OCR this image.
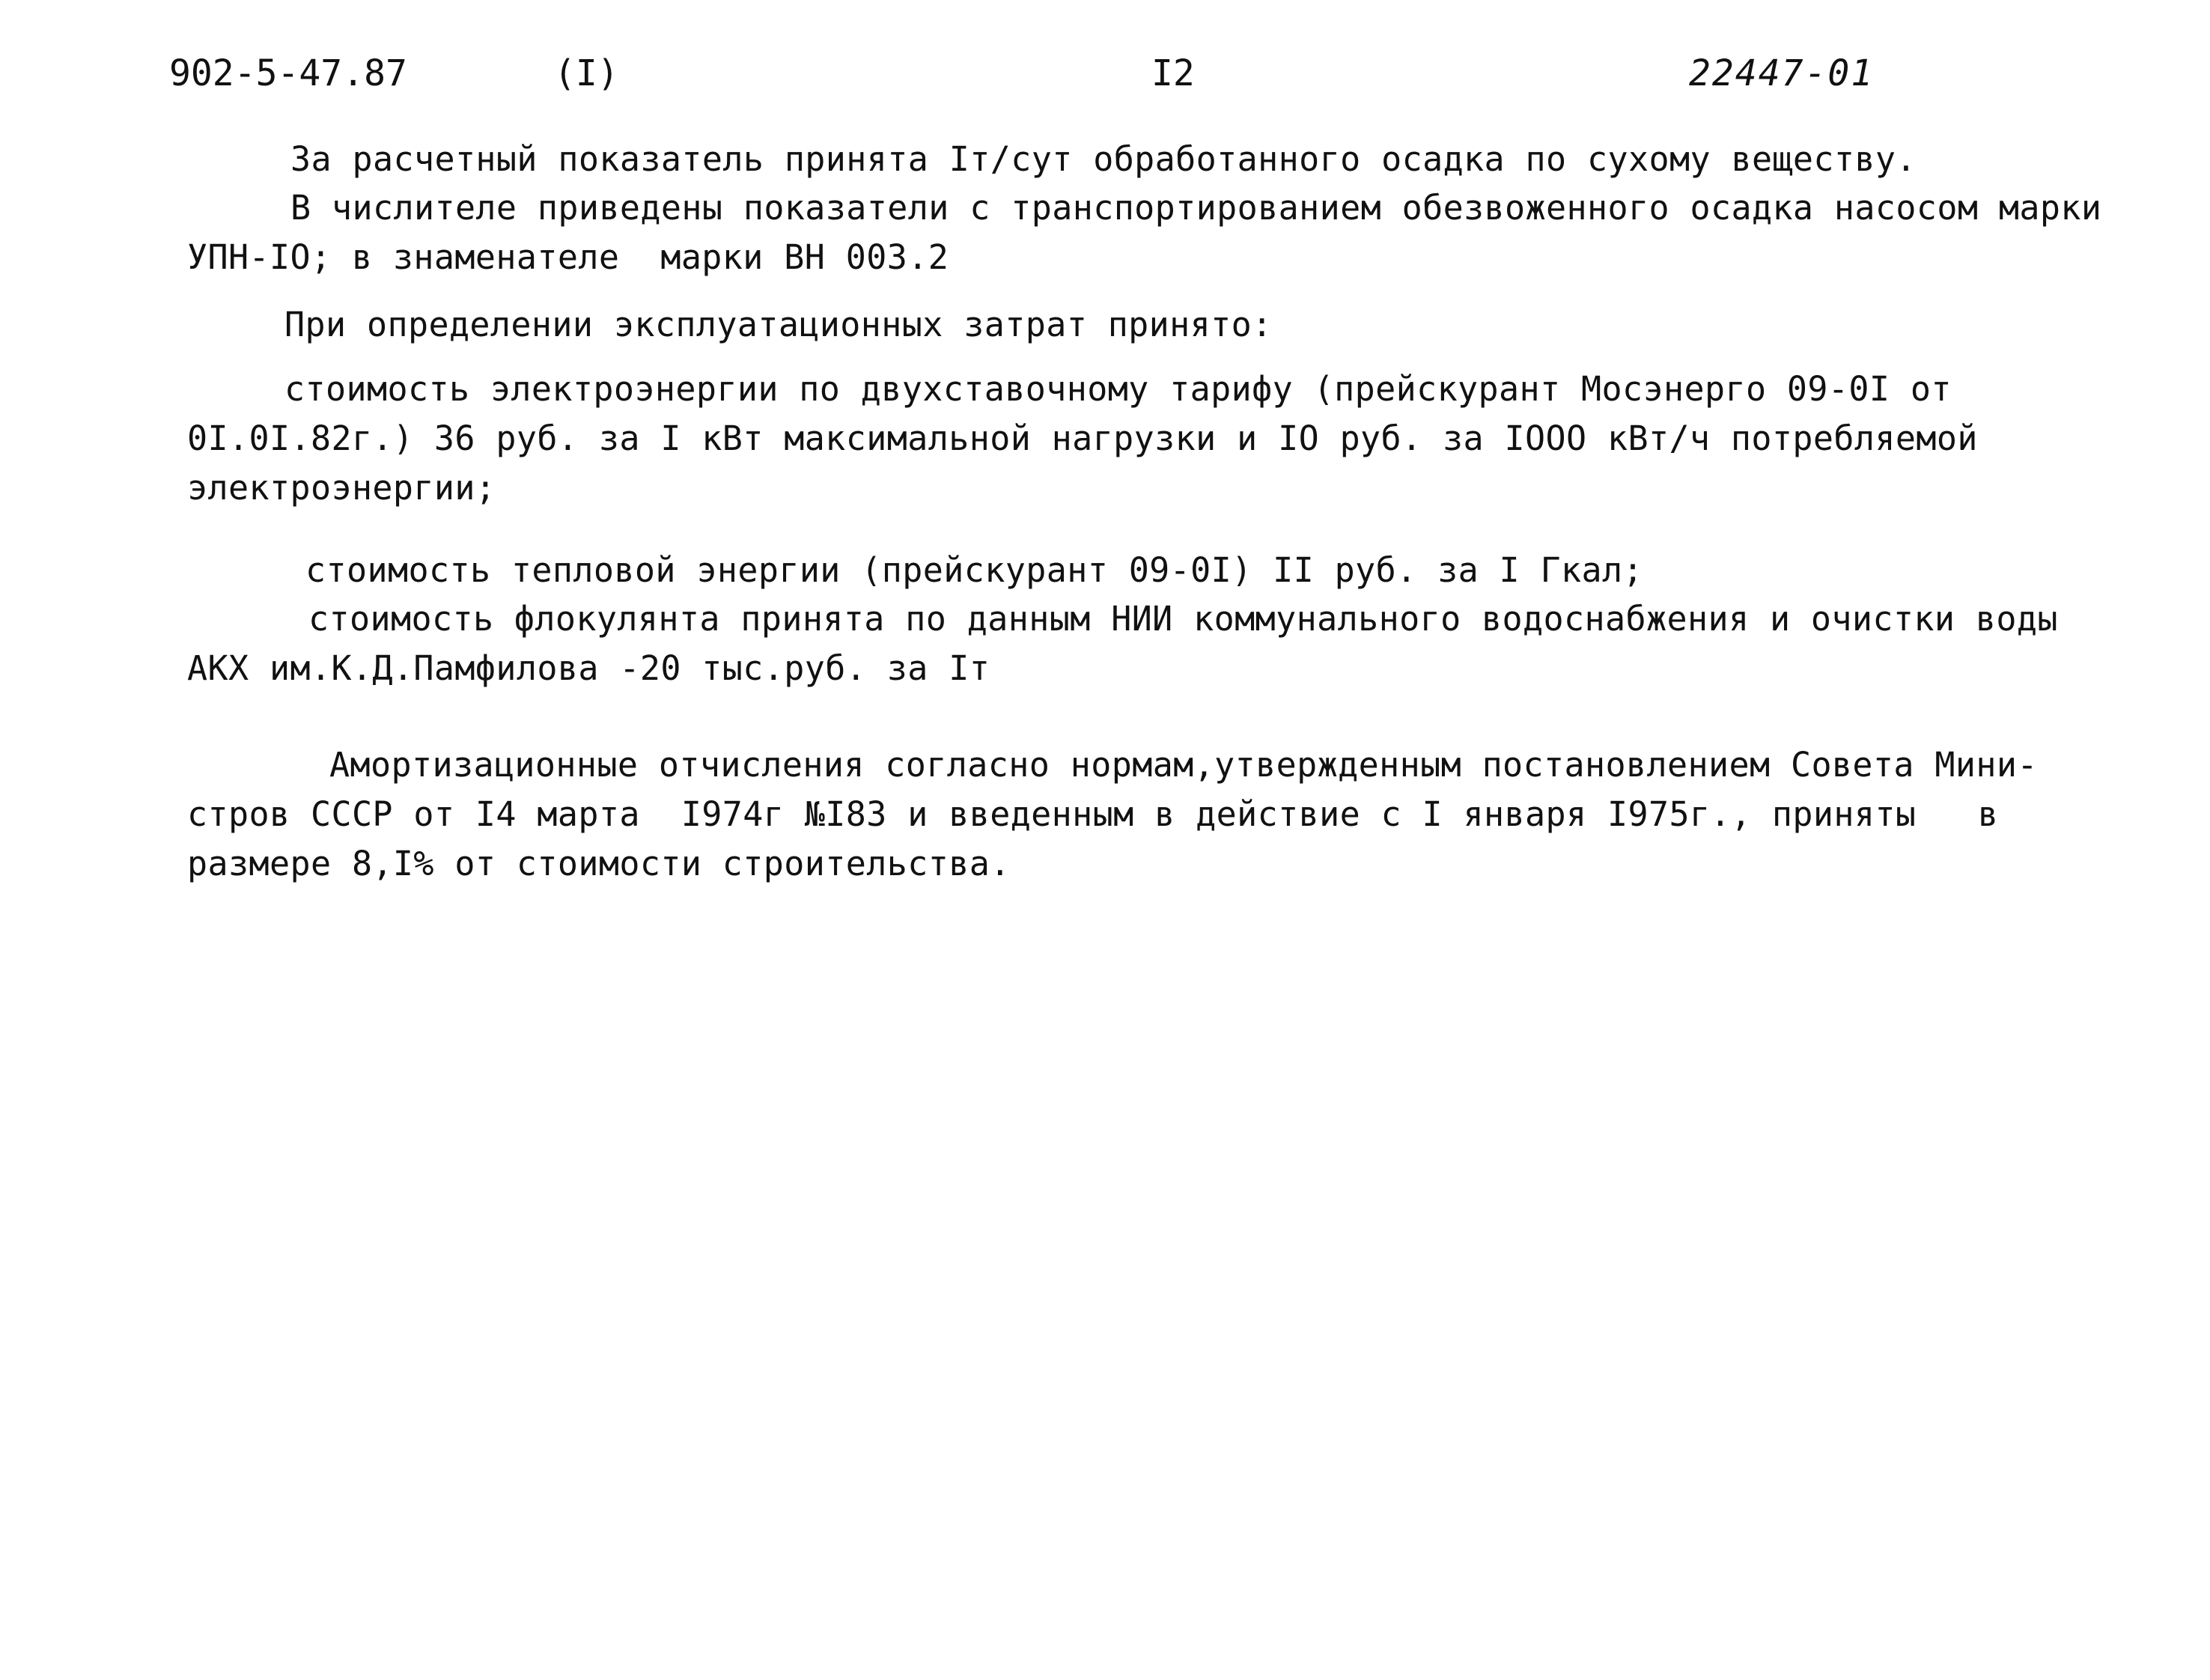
902-5-47.87	(I)	I2	22447-01
За расчетный показатель принята Iт/сут обработанного осадка по сухому веществу.
В числителе приведены показатели с транспортированием обезвоженного осадка насосом марки
УПН-IO; в знаменателе  марки ВН 003.2
При определении эксплуатационных затрат принято:
стоимость электроэнергии по двухставочному тарифу (прейскурант Мосэнерго 09-0I от
0I.0I.82г.) 36 руб. за I кВт максимальной нагрузки и IO руб. за IOOO кВт/ч потребляемой
электроэнергии;
стоимость тепловой энергии (прейскурант 09-0I) II руб. за I Гкал;
стоимость флокулянта принята по данным НИИ коммунального водоснабжения и очистки воды
АКХ им.К.Д.Памфилова -20 тыс.руб. за Iт
Амортизационные отчисления согласно нормам,утвержденным постановлением Совета Мини-
стров СССР от I4 марта  I974г №I83 и введенным в действие с I января I975г., приняты   в
размере 8,I% от стоимости строительства.
